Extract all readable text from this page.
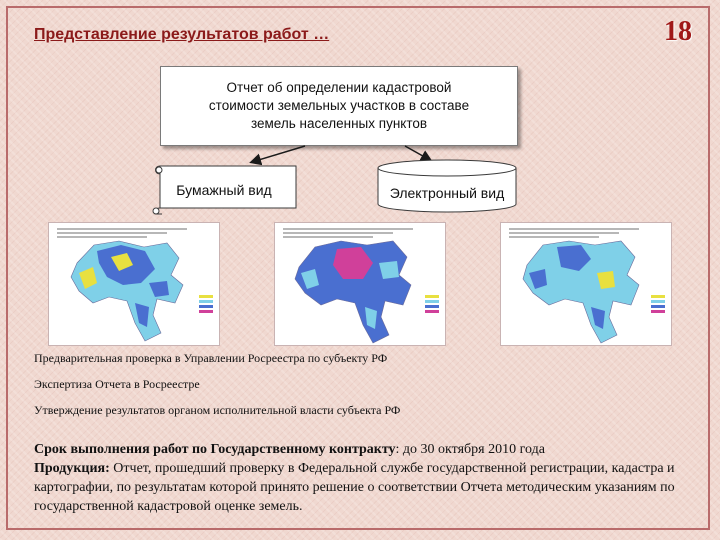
Представление результатов работ …	18
Отчет об определении кадастровой
стоимости земельных участков в составе
земель населенных пунктов
Бумажный вид	Электронный вид
Предварительная проверка в Управлении Росреестра по субъекту РФ
Экспертиза Отчета в Росреестре
Утверждение результатов органом исполнительной власти субъекта РФ
Срок выполнения работ по Государственному контракту: до 30 октября 2010 года
Продукция: Отчет, прошедший проверку в Федеральной службе государственной регистрации, кадастра и картографии, по результатам которой принято решение о соответствии Отчета методическим указаниям по государственной кадастровой оценке земель.
